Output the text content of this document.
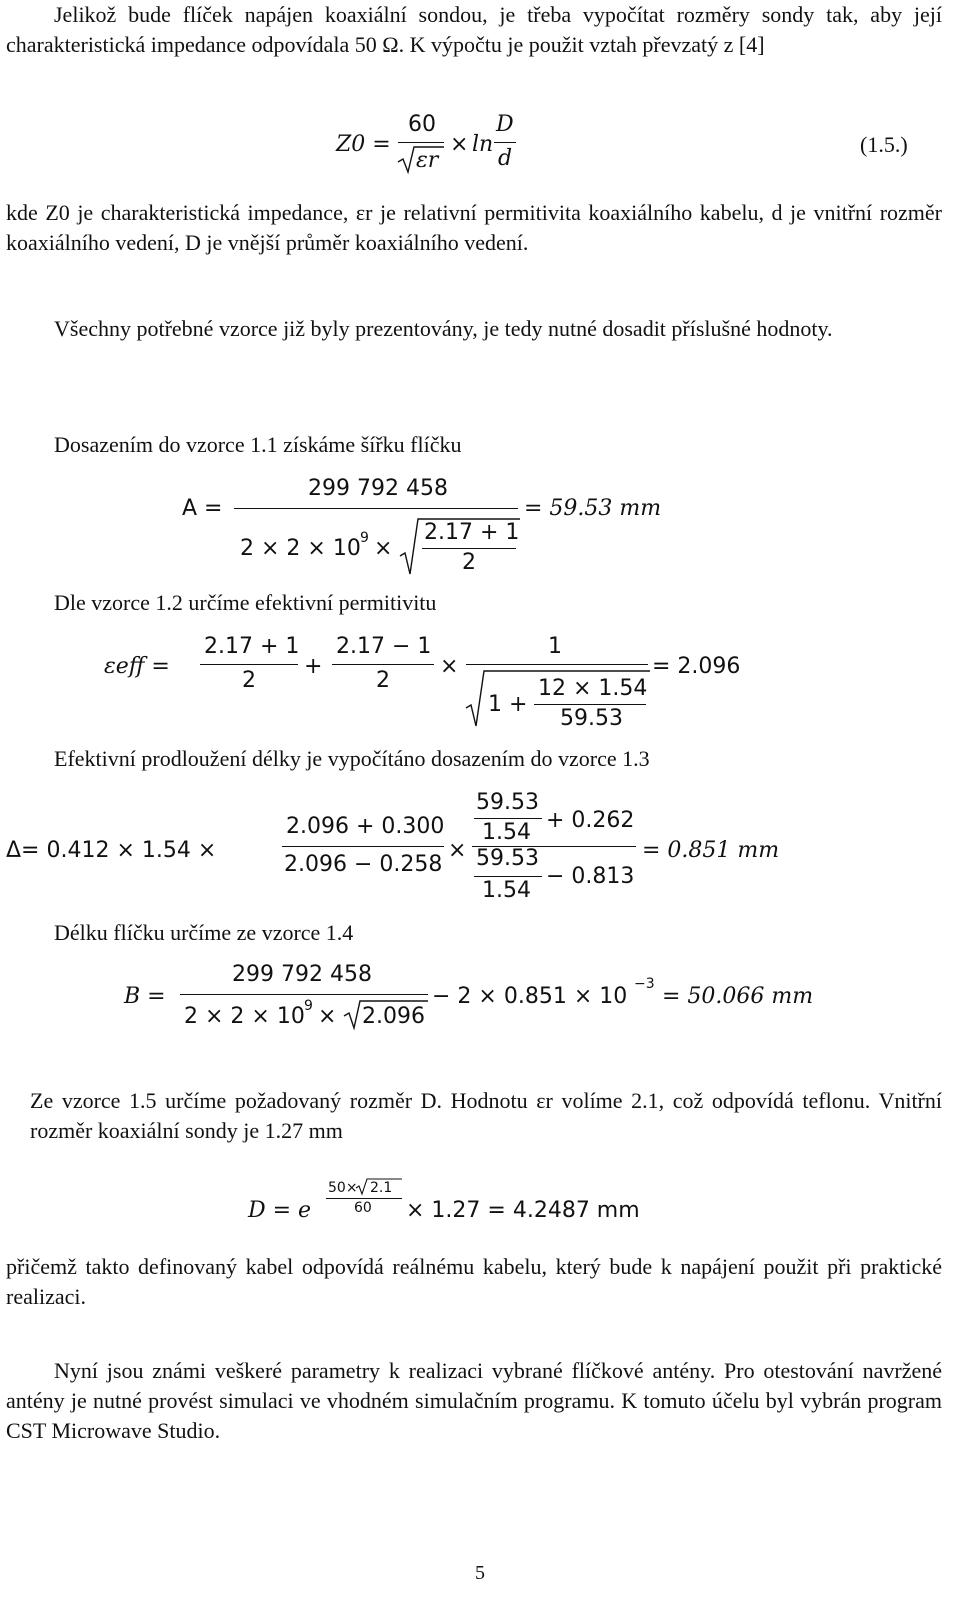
Jelikož bude flíček napájen koaxiální sondou, je třeba vypočítat rozměry sondy tak, aby její charakteristická impedance odpovídala 50 Ω. K výpočtu je použit vztah převzatý z [4]
Z0 =
60
εr
× ln
D
d
(1.5.)
kde Z0 je charakteristická impedance, εr je relativní permitivita koaxiálního kabelu, d je vnitřní rozměr koaxiálního vedení, D je vnější průměr koaxiálního vedení.
Všechny potřebné vzorce již byly prezentovány, je tedy nutné dosadit příslušné hodnoty.
Dosazením do vzorce 1.1 získáme šířku flíčku
A =
299 792 458
2 × 2 × 10 9 ×
2.17 + 1
2
= 59.53 mm
Dle vzorce 1.2 určíme efektivní permitivitu
εeff =
2.17 + 1
2
+
2.17 − 1
2
×
1
1 +
12 × 1.54
59.53
= 2.096
Efektivní prodloužení délky je vypočítáno dosazením do vzorce 1.3
Δ= 0.412 × 1.54 ×
2.096 + 0.300
2.096 − 0.258
×
59.53
1.54 + 0.262
59.53
1.54
− 0.813
= 0.851 mm
Délku flíčku určíme ze vzorce 1.4
B =
299 792 458
2 × 2 × 10 9 × 2.096
− 2 × 0.851 × 10 −3 = 50.066 mm
Ze vzorce 1.5 určíme požadovaný rozměr D. Hodnotu εr volíme 2.1, což odpovídá teflonu. Vnitřní rozměr koaxiální sondy je 1.27 mm
D = e
50× 2.1
60 × 1.27 = 4.2487 mm
přičemž takto definovaný kabel odpovídá reálnému kabelu, který bude k napájení použit při praktické realizaci.
Nyní jsou známi veškeré parametry k realizaci vybrané flíčkové antény. Pro otestování navržené antény je nutné provést simulaci ve vhodném simulačním programu. K tomuto účelu byl vybrán program CST Microwave Studio.
5
